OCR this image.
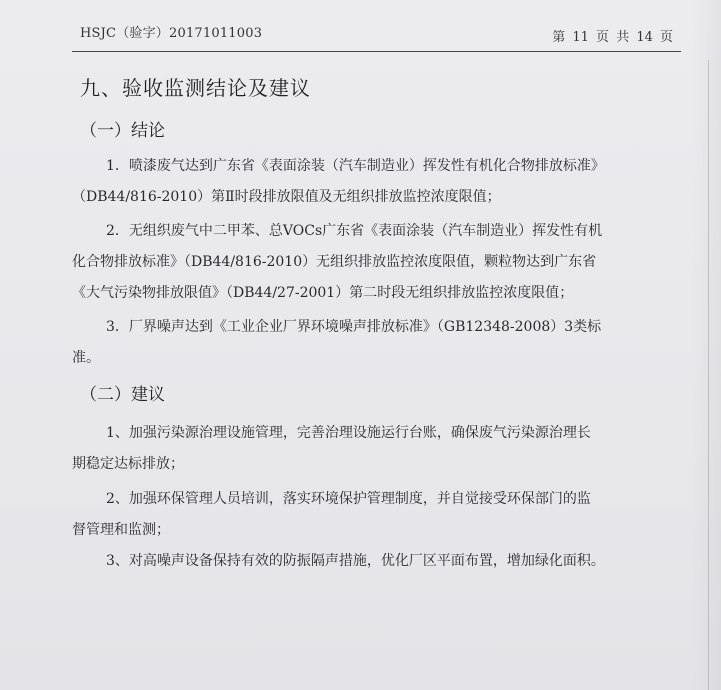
HSJC（验字）20171011003	第 11 页 共 14 页
九、验收监测结论及建议
（一）结论
1．喷漆废气达到广东省《表面涂装（汽车制造业）挥发性有机化合物排放标准》
（DB44/816-2010）第Ⅱ时段排放限值及无组织排放监控浓度限值；
2．无组织废气中二甲苯、总VOCs广东省《表面涂装（汽车制造业）挥发性有机
化合物排放标准》（DB44/816-2010）无组织排放监控浓度限值，颗粒物达到广东省
《大气污染物排放限值》（DB44/27-2001）第二时段无组织排放监控浓度限值；
3．厂界噪声达到《工业企业厂界环境噪声排放标准》（GB12348-2008）3类标
准。
（二）建议
1、加强污染源治理设施管理，完善治理设施运行台账，确保废气污染源治理长
期稳定达标排放；
2、加强环保管理人员培训，落实环境保护管理制度，并自觉接受环保部门的监
督管理和监测；
3、对高噪声设备保持有效的防振隔声措施，优化厂区平面布置，增加绿化面积。
